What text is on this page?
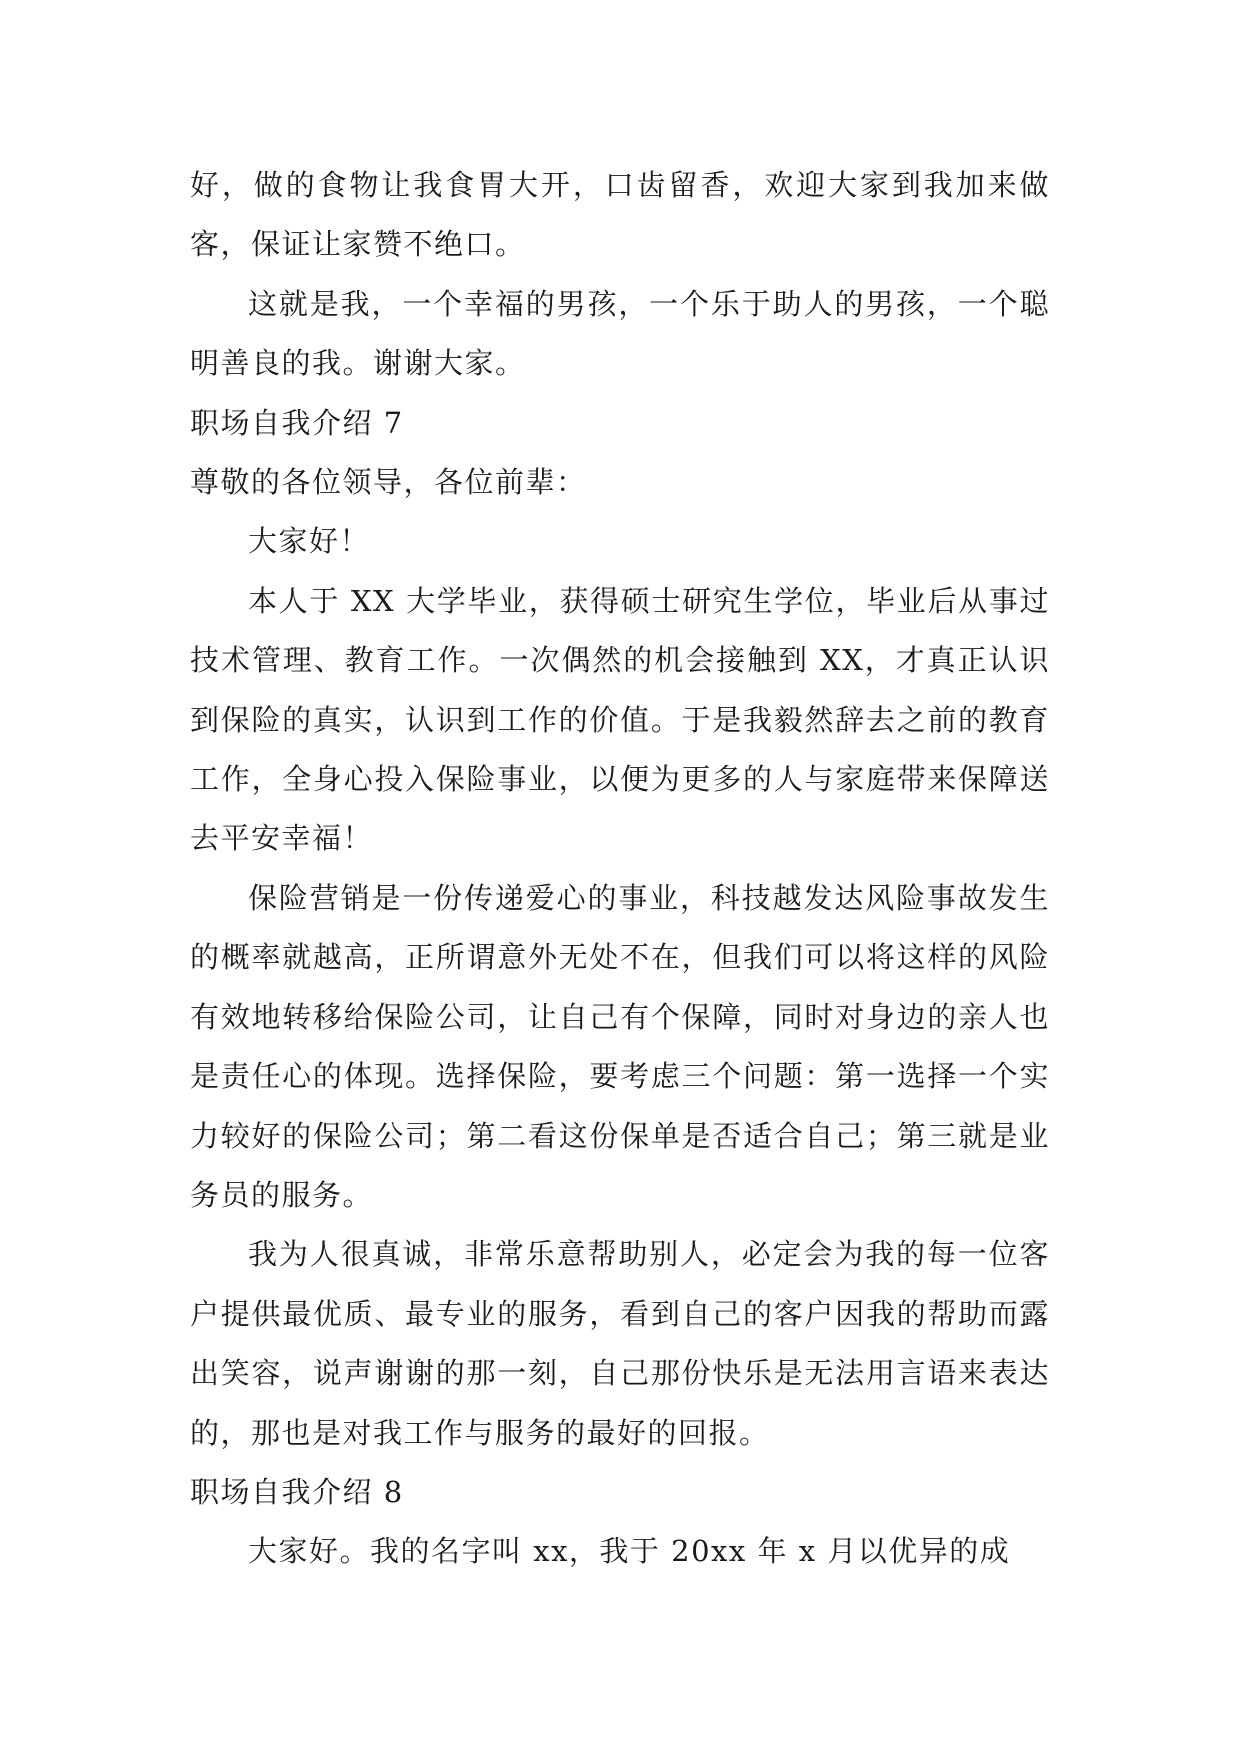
好，做的食物让我食胃大开，口齿留香，欢迎大家到我加来做客，保证让家赞不绝口。

这就是我，一个幸福的男孩，一个乐于助人的男孩，一个聪明善良的我。谢谢大家。

职场自我介绍 7

尊敬的各位领导，各位前辈：

大家好！

本人于 XX 大学毕业，获得硕士研究生学位，毕业后从事过技术管理、教育工作。一次偶然的机会接触到 XX，才真正认识到保险的真实，认识到工作的价值。于是我毅然辞去之前的教育工作，全身心投入保险事业，以便为更多的人与家庭带来保障送去平安幸福！

保险营销是一份传递爱心的事业，科技越发达风险事故发生的概率就越高，正所谓意外无处不在，但我们可以将这样的风险有效地转移给保险公司，让自己有个保障，同时对身边的亲人也是责任心的体现。选择保险，要考虑三个问题：第一选择一个实力较好的保险公司；第二看这份保单是否适合自己；第三就是业务员的服务。

我为人很真诚，非常乐意帮助别人，必定会为我的每一位客户提供最优质、最专业的服务，看到自己的客户因我的帮助而露出笑容，说声谢谢的那一刻，自己那份快乐是无法用言语来表达的，那也是对我工作与服务的最好的回报。

职场自我介绍 8

大家好。我的名字叫 xx，我于 20xx 年 x 月以优异的成
